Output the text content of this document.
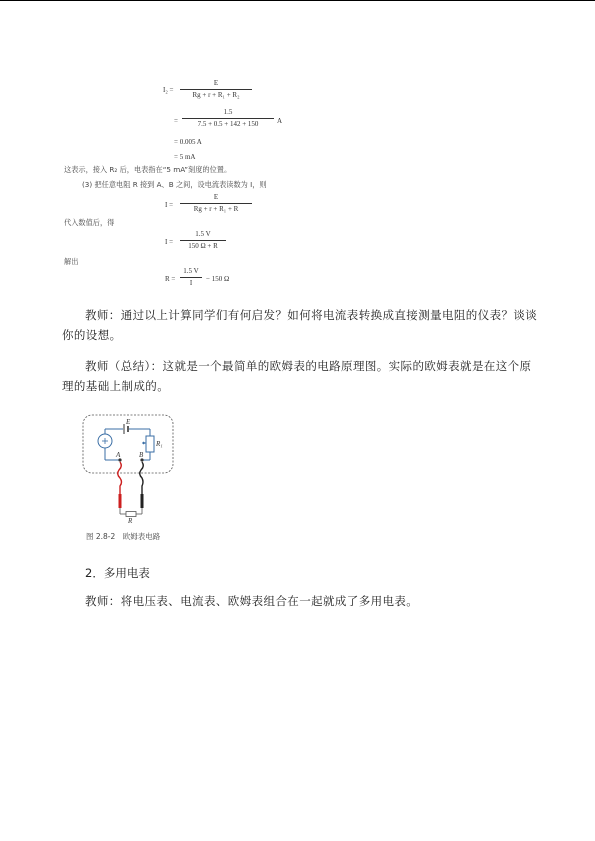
I₂ =
E
Rg + r + R₁ + R₂
=
1.5
7.5 + 0.5 + 142 + 150	A
= 0.005 A
= 5 mA
这表示，接入 R₂ 后，电表指在“5 mA”刻度的位置。
(3) 把任意电阻 R 接到 A、B 之间，设电流表读数为 I，则
I =
E
Rg + r + R₁ + R
代入数值后，得
I =
1.5 V
150 Ω + R
解出
R =
1.5 V
I	− 150 Ω
教师：通过以上计算同学们有何启发？如何将电流表转换成直接测量电阻的仪表？谈谈你的设想。
教师（总结）：这就是一个最简单的欧姆表的电路原理图。实际的欧姆表就是在这个原理的基础上制成的。
E
R₁
A	B
R
图 2.8-2　欧姆表电路
2．多用电表
教师：将电压表、电流表、欧姆表组合在一起就成了多用电表。
